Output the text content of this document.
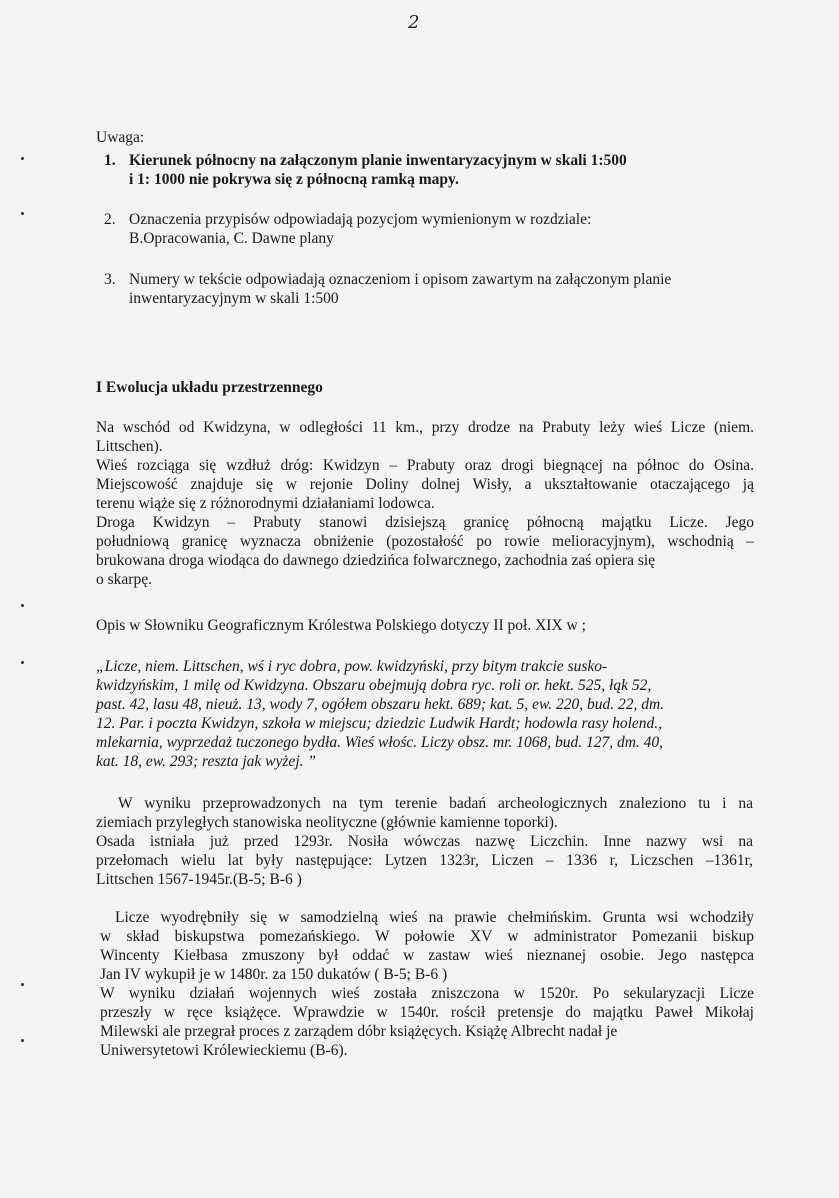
2
Uwaga:
1. Kierunek północny na załączonym planie inwentaryzacyjnym w skali 1:500
i 1: 1000 nie pokrywa się z północną ramką mapy.
2. Oznaczenia przypisów odpowiadają pozycjom wymienionym w rozdziale:
B.Opracowania, C. Dawne plany
3. Numery w tekście odpowiadają oznaczeniom i opisom zawartym na załączonym planie
inwentaryzacyjnym w skali 1:500
I Ewolucja układu przestrzennego
Na wschód od Kwidzyna, w odległości 11 km., przy drodze na Prabuty leży wieś Licze (niem.
Littschen).
Wieś rozciąga się wzdłuż dróg: Kwidzyn – Prabuty oraz drogi biegnącej na północ do Osina.
Miejscowość znajduje się w rejonie Doliny dolnej Wisły, a ukształtowanie otaczającego ją
terenu wiąże się z różnorodnymi działaniami lodowca.
Droga Kwidzyn – Prabuty stanowi dzisiejszą granicę północną majątku Licze. Jego
południową granicę wyznacza obniżenie (pozostałość po rowie melioracyjnym), wschodnią –
brukowana droga wiodąca do dawnego dziedzińca folwarcznego, zachodnia zaś opiera się
o skarpę.
Opis w Słowniku Geograficznym Królestwa Polskiego dotyczy II poł. XIX w ;
„Licze, niem. Littschen, wś i ryc dobra, pow. kwidzyński, przy bitym trakcie susko-
kwidzyńskim, 1 milę od Kwidzyna. Obszaru obejmują dobra ryc. roli or. hekt. 525, łąk 52,
past. 42, lasu 48, nieuż. 13, wody 7, ogółem obszaru hekt. 689; kat. 5, ew. 220, bud. 22, dm.
12. Par. i poczta Kwidzyn, szkoła w miejscu; dziedzic Ludwik Hardt; hodowla rasy holend.,
mlekarnia, wyprzedaż tuczonego bydła. Wieś włośc. Liczy obsz. mr. 1068, bud. 127, dm. 40,
kat. 18, ew. 293; reszta jak wyżej. ”
W wyniku przeprowadzonych na tym terenie badań archeologicznych znaleziono tu i na
ziemiach przyległych stanowiska neolityczne (głównie kamienne toporki).
Osada istniała już przed 1293r. Nosiła wówczas nazwę Liczchin. Inne nazwy wsi na
przełomach wielu lat były następujące: Lytzen 1323r, Liczen – 1336 r, Liczschen –1361r,
Littschen 1567-1945r.(B-5; B-6 )
Licze wyodrębniły się w samodzielną wieś na prawie chełmińskim. Grunta wsi wchodziły
w skład biskupstwa pomezańskiego. W połowie XV w administrator Pomezanii biskup
Wincenty Kiełbasa zmuszony był oddać w zastaw wieś nieznanej osobie. Jego następca
Jan IV wykupił je w 1480r. za 150 dukatów ( B-5; B-6 )
W wyniku działań wojennych wieś została zniszczona w 1520r. Po sekularyzacji Licze
przeszły w ręce książęce. Wprawdzie w 1540r. rościł pretensje do majątku Paweł Mikołaj
Milewski ale przegrał proces z zarządem dóbr książęcych. Książę Albrecht nadał je
Uniwersytetowi Królewieckiemu (B-6).
